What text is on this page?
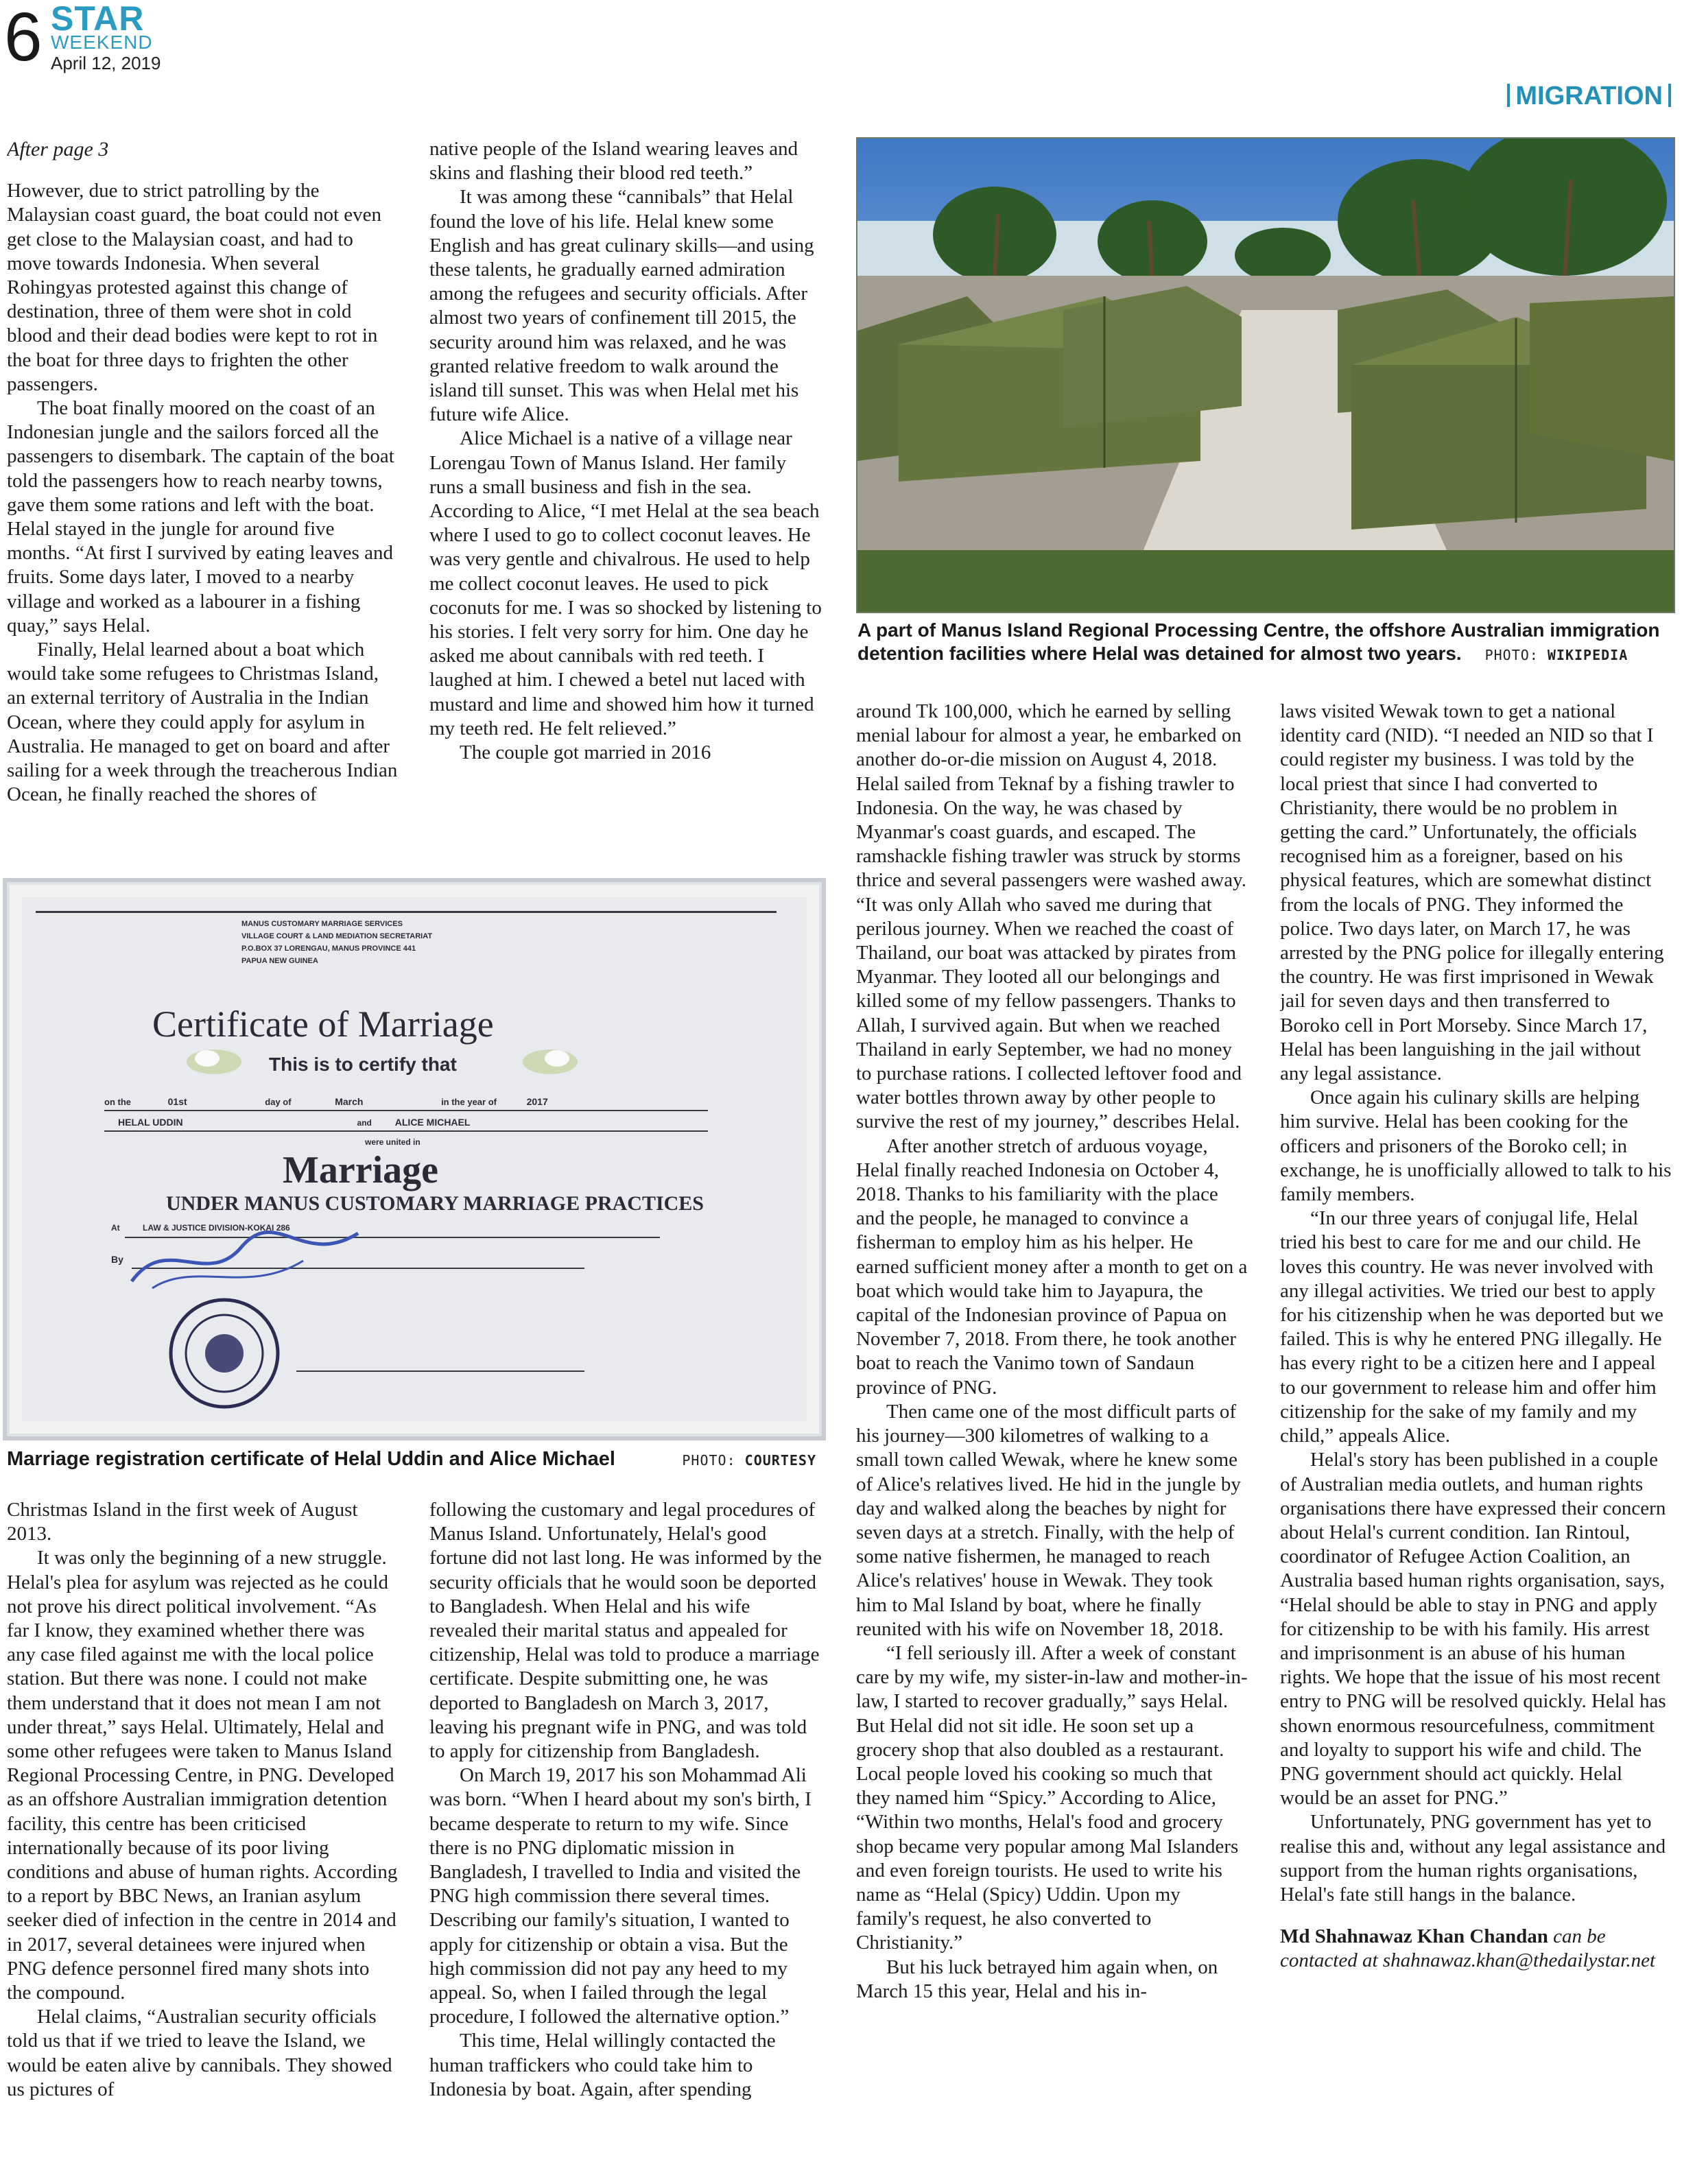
6 STAR
WEEKEND
April 12, 2019
MIGRATION

After page 3

However, due to strict patrolling by the Malaysian coast guard, the boat could not even get close to the Malaysian coast, and had to move towards Indonesia. When several Rohingyas protested against this change of destination, three of them were shot in cold blood and their dead bodies were kept to rot in the boat for three days to frighten the other passengers.

The boat finally moored on the coast of an Indonesian jungle and the sailors forced all the passengers to disembark. The captain of the boat told the passengers how to reach nearby towns, gave them some rations and left with the boat. Helal stayed in the jungle for around five months. “At first I survived by eating leaves and fruits. Some days later, I moved to a nearby village and worked as a labourer in a fishing quay,” says Helal.

Finally, Helal learned about a boat which would take some refugees to Christmas Island, an external territory of Australia in the Indian Ocean, where they could apply for asylum in Australia. He managed to get on board and after sailing for a week through the treacherous Indian Ocean, he finally reached the shores of

native people of the Island wearing leaves and skins and flashing their blood red teeth.”

It was among these “cannibals” that Helal found the love of his life. Helal knew some English and has great culinary skills—and using these talents, he gradually earned admiration among the refugees and security officials. After almost two years of confinement till 2015, the security around him was relaxed, and he was granted relative freedom to walk around the island till sunset. This was when Helal met his future wife Alice.

Alice Michael is a native of a village near Lorengau Town of Manus Island. Her family runs a small business and fish in the sea. According to Alice, “I met Helal at the sea beach where I used to go to collect coconut leaves. He was very gentle and chivalrous. He used to help me collect coconut leaves. He used to pick coconuts for me. I was so shocked by listening to his stories. I felt very sorry for him. One day he asked me about cannibals with red teeth. I laughed at him. I chewed a betel nut laced with mustard and lime and showed him how it turned my teeth red. He felt relieved.”

The couple got married in 2016

A part of Manus Island Regional Processing Centre, the offshore Australian immigration detention facilities where Helal was detained for almost two years. PHOTO: WIKIPEDIA
MANUS CUSTOMARY MARRIAGE SERVICES
VILLAGE COURT & LAND MEDIATION SECRETARIAT
P.O.BOX 37 LORENGAU, MANUS PROVINCE 441
PAPUA NEW GUINEA
Certificate of Marriage
This is to certify that
on the	01st	day of	March	in the year of	2017
HELAL UDDIN	and ALICE MICHAEL
were united in
Marriage
UNDER MANUS CUSTOMARY MARRIAGE PRACTICES
At	LAW & JUSTICE DIVISION-KOKAI 286
By
Marriage registration certificate of Helal Uddin and Alice Michael	PHOTO: COURTESY

Christmas Island in the first week of August 2013.

It was only the beginning of a new struggle. Helal's plea for asylum was rejected as he could not prove his direct political involvement. “As far I know, they examined whether there was any case filed against me with the local police station. But there was none. I could not make them understand that it does not mean I am not under threat,” says Helal. Ultimately, Helal and some other refugees were taken to Manus Island Regional Processing Centre, in PNG. Developed as an offshore Australian immigration detention facility, this centre has been criticised internationally because of its poor living conditions and abuse of human rights. According to a report by BBC News, an Iranian asylum seeker died of infection in the centre in 2014 and in 2017, several detainees were injured when PNG defence personnel fired many shots into the compound.

Helal claims, “Australian security officials told us that if we tried to leave the Island, we would be eaten alive by cannibals. They showed us pictures of

following the customary and legal procedures of Manus Island. Unfortunately, Helal's good fortune did not last long. He was informed by the security officials that he would soon be deported to Bangladesh. When Helal and his wife revealed their marital status and appealed for citizenship, Helal was told to produce a marriage certificate. Despite submitting one, he was deported to Bangladesh on March 3, 2017, leaving his pregnant wife in PNG, and was told to apply for citizenship from Bangladesh.

On March 19, 2017 his son Mohammad Ali was born. “When I heard about my son's birth, I became desperate to return to my wife. Since there is no PNG diplomatic mission in Bangladesh, I travelled to India and visited the PNG high commission there several times. Describing our family's situation, I wanted to apply for citizenship or obtain a visa. But the high commission did not pay any heed to my appeal. So, when I failed through the legal procedure, I followed the alternative option.”

This time, Helal willingly contacted the human traffickers who could take him to Indonesia by boat. Again, after spending

around Tk 100,000, which he earned by selling menial labour for almost a year, he embarked on another do-or-die mission on August 4, 2018. Helal sailed from Teknaf by a fishing trawler to Indonesia. On the way, he was chased by Myanmar's coast guards, and escaped. The ramshackle fishing trawler was struck by storms thrice and several passengers were washed away. “It was only Allah who saved me during that perilous journey. When we reached the coast of Thailand, our boat was attacked by pirates from Myanmar. They looted all our belongings and killed some of my fellow passengers. Thanks to Allah, I survived again. But when we reached Thailand in early September, we had no money to purchase rations. I collected leftover food and water bottles thrown away by other people to survive the rest of my journey,” describes Helal.

After another stretch of arduous voyage, Helal finally reached Indonesia on October 4, 2018. Thanks to his familiarity with the place and the people, he managed to convince a fisherman to employ him as his helper. He earned sufficient money after a month to get on a boat which would take him to Jayapura, the capital of the Indonesian province of Papua on November 7, 2018. From there, he took another boat to reach the Vanimo town of Sandaun province of PNG.

Then came one of the most difficult parts of his journey—300 kilometres of walking to a small town called Wewak, where he knew some of Alice's relatives lived. He hid in the jungle by day and walked along the beaches by night for seven days at a stretch. Finally, with the help of some native fishermen, he managed to reach Alice's relatives' house in Wewak. They took him to Mal Island by boat, where he finally reunited with his wife on November 18, 2018.

“I fell seriously ill. After a week of constant care by my wife, my sister-in-law and mother-in-law, I started to recover gradually,” says Helal. But Helal did not sit idle. He soon set up a grocery shop that also doubled as a restaurant. Local people loved his cooking so much that they named him “Spicy.” According to Alice, “Within two months, Helal's food and grocery shop became very popular among Mal Islanders and even foreign tourists. He used to write his name as “Helal (Spicy) Uddin. Upon my family's request, he also converted to Christianity.”

But his luck betrayed him again when, on March 15 this year, Helal and his in-

laws visited Wewak town to get a national identity card (NID). “I needed an NID so that I could register my business. I was told by the local priest that since I had converted to Christianity, there would be no problem in getting the card.” Unfortunately, the officials recognised him as a foreigner, based on his physical features, which are somewhat distinct from the locals of PNG. They informed the police. Two days later, on March 17, he was arrested by the PNG police for illegally entering the country. He was first imprisoned in Wewak jail for seven days and then transferred to Boroko cell in Port Morseby. Since March 17, Helal has been languishing in the jail without any legal assistance.

Once again his culinary skills are helping him survive. Helal has been cooking for the officers and prisoners of the Boroko cell; in exchange, he is unofficially allowed to talk to his family members.

“In our three years of conjugal life, Helal tried his best to care for me and our child. He loves this country. He was never involved with any illegal activities. We tried our best to apply for his citizenship when he was deported but we failed. This is why he entered PNG illegally. He has every right to be a citizen here and I appeal to our government to release him and offer him citizenship for the sake of my family and my child,” appeals Alice.

Helal's story has been published in a couple of Australian media outlets, and human rights organisations there have expressed their concern about Helal's current condition. Ian Rintoul, coordinator of Refugee Action Coalition, an Australia based human rights organisation, says, “Helal should be able to stay in PNG and apply for citizenship to be with his family. His arrest and imprisonment is an abuse of his human rights. We hope that the issue of his most recent entry to PNG will be resolved quickly. Helal has shown enormous resourcefulness, commitment and loyalty to support his wife and child. The PNG government should act quickly. Helal would be an asset for PNG.”

Unfortunately, PNG government has yet to realise this and, without any legal assistance and support from the human rights organisations, Helal's fate still hangs in the balance.

Md Shahnawaz Khan Chandan can be contacted at shahnawaz.khan@thedailystar.net
